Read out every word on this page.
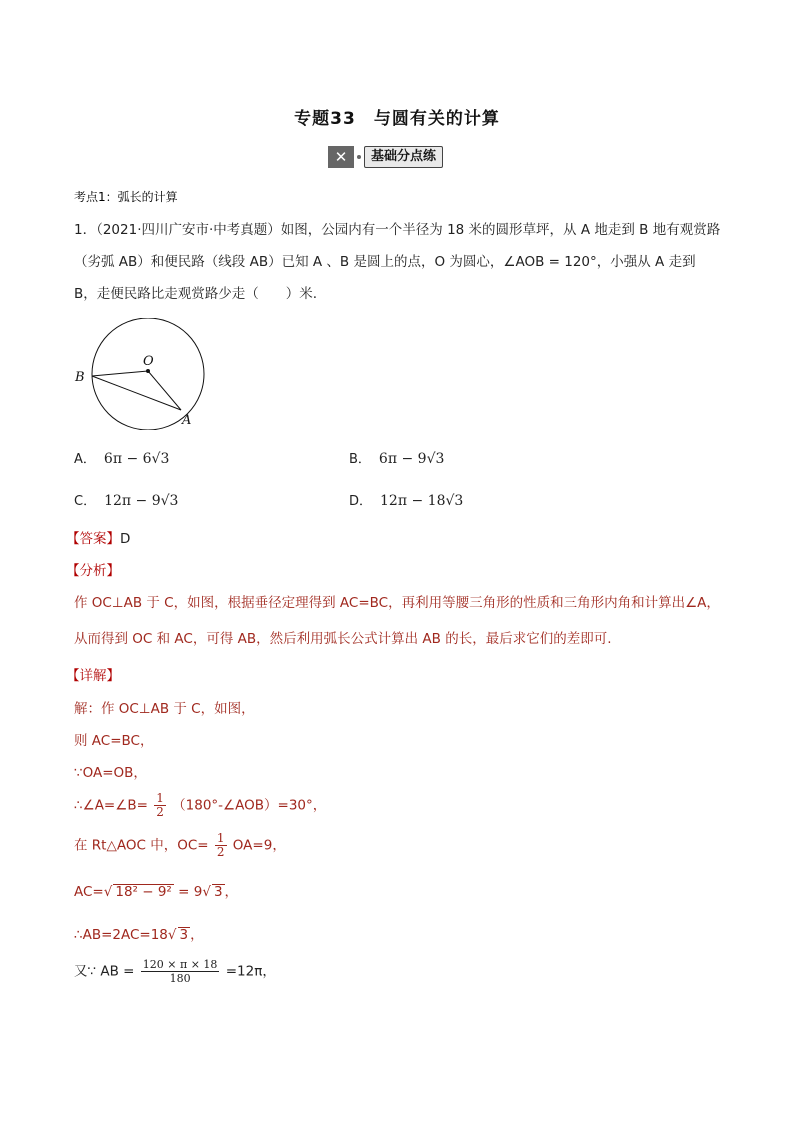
专题33　与圆有关的计算
✕	基础分点练
考点1：弧长的计算
1．（2021·四川广安市·中考真题）如图，公园内有一个半径为 18 米的圆形草坪，从 A 地走到 B 地有观赏路
（劣弧 AB）和便民路（线段 AB）已知 A 、B 是圆上的点，O 为圆心，∠AOB = 120°，小强从 A 走到
B，走便民路比走观赏路少走（　　）米.
O
B
A
A． 6π − 6√3	B． 6π − 9√3
C． 12π − 9√3	D． 12π − 18√3
【答案】D
【分析】
作 OC⊥AB 于 C，如图，根据垂径定理得到 AC=BC，再利用等腰三角形的性质和三角形内角和计算出∠A，
从而得到 OC 和 AC，可得 AB，然后利用弧长公式计算出 AB 的长，最后求它们的差即可.
【详解】
解：作 OC⊥AB 于 C，如图，
则 AC=BC，
∵OA=OB，
∴∠A=∠B= $\frac{1}{2}$ （180°-∠AOB）=30°，
在 Rt△AOC 中，$OC= \frac{1}{2} OA=9$，
AC=√ 18² − 9² = 9√ 3 ，
∴AB=2AC=18√ 3 ，
又∵ AB = $\frac{120 \times \pi \times 18}{180} =12\pi$，
